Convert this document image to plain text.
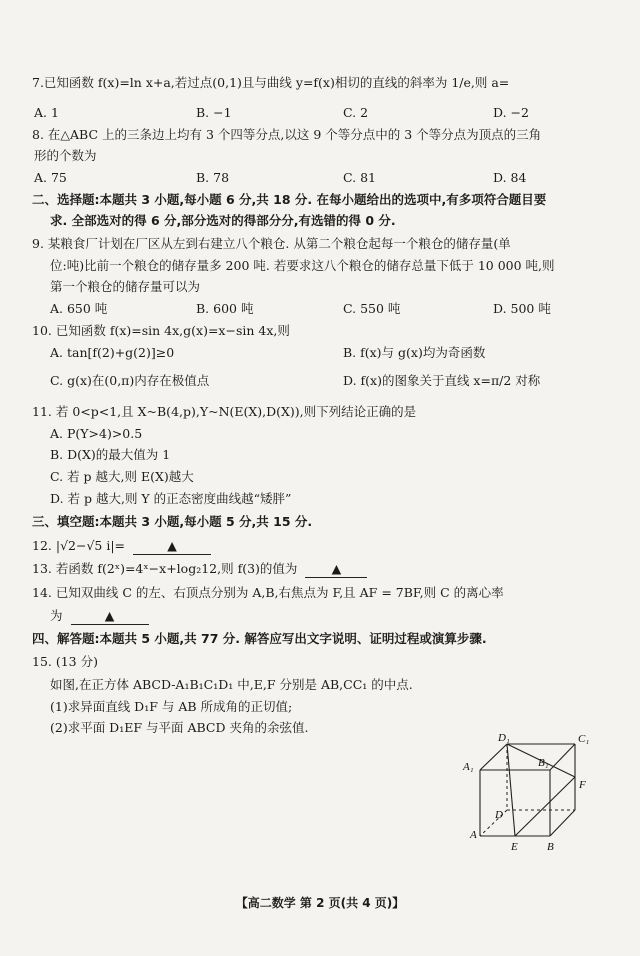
7.已知函数 f(x)=ln x+a,若过点(0,1)且与曲线 y=f(x)相切的直线的斜率为 1/e,则 a=
A. 1	B. −1	C. 2	D. −2
8. 在△ABC 上的三条边上均有 3 个四等分点,以这 9 个等分点中的 3 个等分点为顶点的三角
形的个数为
A. 75	B. 78	C. 81	D. 84
二、选择题:本题共 3 小题,每小题 6 分,共 18 分. 在每小题给出的选项中,有多项符合题目要
求. 全部选对的得 6 分,部分选对的得部分分,有选错的得 0 分.
9. 某粮食厂计划在厂区从左到右建立八个粮仓. 从第二个粮仓起每一个粮仓的储存量(单
位:吨)比前一个粮仓的储存量多 200 吨. 若要求这八个粮仓的储存总量下低于 10 000 吨,则
第一个粮仓的储存量可以为
A. 650 吨	B. 600 吨	C. 550 吨	D. 500 吨
10. 已知函数 f(x)=sin 4x,g(x)=x−sin 4x,则
A. tan[f(2)+g(2)]≥0	B. f(x)与 g(x)均为奇函数
C. g(x)在(0,π)内存在极值点	D. f(x)的图象关于直线 x=π/2 对称
11. 若 0<p<1,且 X~B(4,p),Y~N(E(X),D(X)),则下列结论正确的是
A. P(Y>4)>0.5
B. D(X)的最大值为 1
C. 若 p 越大,则 E(X)越大
D. 若 p 越大,则 Y 的正态密度曲线越“矮胖”
三、填空题:本题共 3 小题,每小题 5 分,共 15 分.
12. |√2−√5 i|=	▲
13. 若函数 f(2ˣ)=4ˣ−x+log₂12,则 f(3)的值为	▲
14. 已知双曲线 C 的左、右顶点分别为 A,B,右焦点为 F,且 AF = 7BF,则 C 的离心率
为	▲
四、解答题:本题共 5 小题,共 77 分. 解答应写出文字说明、证明过程或演算步骤.
15. (13 分)
如图,在正方体 ABCD-A₁B₁C₁D₁ 中,E,F 分别是 AB,CC₁ 的中点.
(1)求异面直线 D₁F 与 AB 所成角的正切值;
(2)求平面 D₁EF 与平面 ABCD 夹角的余弦值.
D₁	C₁
A₁	B₁
F
D
A
E	B
【高二数学 第 2 页(共 4 页)】
